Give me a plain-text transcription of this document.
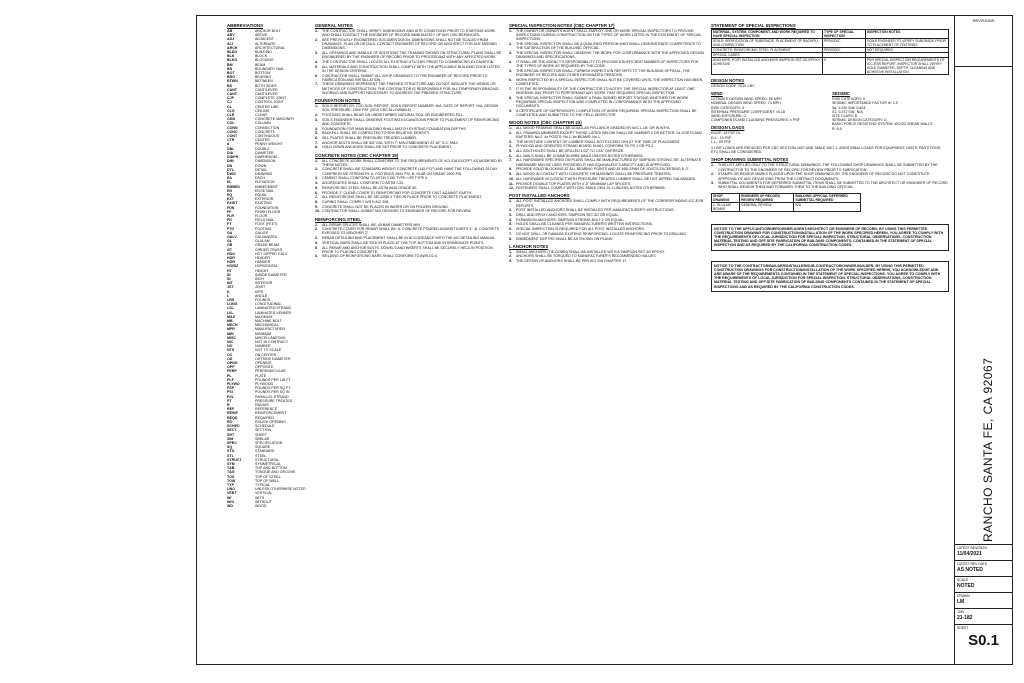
ABBREVIATIONS
AB	ANCHOR BOLT
ABV	ABOVE
ADJ	ADJACENT
ALT	ALTERNATE
ARCH	ARCHITECTURAL
BLDG	BUILDING
BLK	BLOCK
BLKG	BLOCKING
BM	BEAM
BN	BOUNDARY NAIL
BOT	BOTTOM
BRG	BEARING
BTWN	BETWEEN
BS	BOTH SIDES
CANT	CANTILEVER
CANT.	CANTILEVER
CJP	COMPLETE JOINT
CJ	CONTROL JOINT
CL	CENTER LINE
CLG	CEILING
CLR	CLEAR
CMU	CONCRETE MASONRY
COL	COLUMN
CONN	CONNECTION
CONC	CONCRETE
CONT	CONTINUOUS
CTR	CENTER
d	PENNY WEIGHT
DBL	DOUBLE
DIA	DIAMETER
DIAPH	DIAPHRAGM
DIM	DIMENSION
DN	DOWN
DTL	DETAIL
DWG	DRAWING
EA	EACH
EL	ELEVATION
EMBED	EMBEDMENT
EN	EDGE NAIL
EQ	EQUAL
EXT	EXTERIOR
EXIST	EXISTING
FDN	FOUNDATION
FF	FINISH FLOOR
FLR	FLOOR
FN	FIELD NAIL
FT	FOOT (FEET)
FTG	FOOTING
GA	GAUGE
GALV	GALVANIZED
GL	GLULAM
GB	GRADE BEAM
GT	GIRDER TRUSS
HDG	HOT DIPPED GALV
HDR	HEADER
HGR	HANGER
HORIZ	HORIZONTAL
HT	HEIGHT
ID	INSIDE DIAMETER
IN	INCH
INT	INTERIOR
JST	JOIST
K	KIPS
L	ANGLE
LBS	POUNDS
LONG	LONGITUDINAL
LSL	LAMINATED STRAND
LVL	LAMINATED VENEER
MAX	MAXIMUM
MB	MACHINE BOLT
MECH	MECHANICAL
MFR	MANUFACTURER
MIN	MINIMUM
MISC	MISCELLANEOUS
NIC	NOT IN CONTRACT
NO	NUMBER
NTS	NOT TO SCALE
OC	ON CENTER
OD	OUTSIDE DIAMETER
OPNG	OPENING
OPP	OPPOSITE
PERP	PERPENDICULAR
PL	PLATE
PLF	POUNDS PER LIN FT
PLYWD	PLYWOOD
PSF	POUNDS PER SQ FT
PSI	POUNDS PER SQ IN
PSL	PARALLEL STRAND
PT	PRESSURE TREATED
R	RADIUS
REF	REFERENCE
REINF	REINFORCEMENT
REQD	REQUIRED
RO	ROUGH OPENING
SCHED	SCHEDULE
SECT	SECTION
SHT	SHEET
SIM	SIMILAR
SPEC	SPECIFICATION
SQ	SQUARE
STD	STANDARD
STL	STEEL
STRUCT	STRUCTURAL
SYM	SYMMETRICAL
T&B	TOP AND BOTTOM
T&G	TONGUE AND GROOVE
TOS	TOP OF STEEL
TOW	TOP OF WALL
TYP	TYPICAL
UNO	UNLESS OTHERWISE NOTED
VERT	VERTICAL
W/	WITH
W/O	WITHOUT
WD	WOOD
GENERAL NOTES
1.	THE CONTRACTOR SHALL VERIFY DIMENSIONS AND SITE CONDITIONS PRIOR TO STARTING WORK AND SHALL CONTACT THE ENGINEER OF RECORD IMMEDIATELY OF ANY DISCREPANCIES.
2.	SEE PREVIOUSLY ENGINEERED DOCUMENTATION. DIMENSIONS SHALL NOT BE SCALED FROM DRAWINGS. PLAN OR DETAILS. CONTACT ENGINEER OF RECORD OR ARCHITECT FOR ANY MISSING DIMENSIONS.
3.	ALL OPENINGS AND HANDLE OF ADDITIONS THE FRAMING SHOWN ON STRUCTURAL PLANS SHALL BE ENGINEERED BY THE ENGINEER OF RECORD PRIOR TO PROCEEDING WITH ANY AFFECTED WORK.
4.	THE CONTRACTOR SHALL LOCATE ALL EXISTING UTILITIES PRIOR TO COMMENCING EXCAVATION.
5.	ALL MATERIALS AND CONSTRUCTION SHALL COMPLY WITH THE APPLICABLE BUILDING CODE LISTED IN THE DESIGN CRITERIA.
6.	CONTRACTOR SHALL SUBMIT ALL SHOP DRAWINGS TO THE ENGINEER OF RECORD PRIOR TO FABRICATION AND INSTALLATION.
7.	THESE DRAWINGS REPRESENT THE FINISHED STRUCTURE AND DO NOT INDICATE THE MEANS OR METHODS OF CONSTRUCTION. THE CONTRACTOR IS RESPONSIBLE FOR ALL TEMPORARY BRACING, SHORING AND SUPPORT NECESSARY TO ADDRESS THE FINISHED STRUCTURE.
FOUNDATION NOTES
1.	SOILS REPORT BY: CGC SOIL REPORT. SOILS REPORT NUMBER: N/A. DATE OF REPORT: N/A. DESIGN SOIL PRESSURE: 1500 PSF (2019 CBC ALLOWABLE).
2.	FOOTINGS SHALL BEAR ON UNDISTURBED NATURAL SOIL OR ENGINEERED FILL.
3.	SOILS ENGINEER SHALL OBSERVE FOOTING EXCAVATIONS PRIOR TO PLACEMENT OF REINFORCING AND CONCRETE.
4.	FOUNDATION FOR MAIN BUILDING SHALL MATCH EXISTING FOUNDATION DEPTHS.
5.	BACKFILL SHALL BE COMPACTED TO 90% RELATIVE DENSITY.
6.	SILL PLATES SHALL BE PRESSURE TREATED LUMBER.
7.	ANCHOR BOLTS SHALL BE 5/8" DIA. WITH 7" MIN EMBEDMENT AT 48" O.C. MAX.
8.	HOLD DOWN ANCHORS SHALL BE SET PRIOR TO CONCRETE PLACEMENT.
CONCRETE NOTES (CBC CHAPTER 19)
1.	ALL CONCRETE WORK SHALL CONFORM TO THE REQUIREMENTS OF ACI 318 EXCEPT AS MODIFIED BY THESE NOTES.
2.	CONCRETE SHALL BE STANDARD WEIGHT CONCRETE (145 PCF) AND HAVE THE FOLLOWING 28 DAY COMPRESSIVE STRENGTH: A. FOOTINGS 2500 PSI. B. SLAB ON GRADE 2500 PSI.
3.	CEMENT SHALL CONFORM TO ASTM C150 TYPE I OR TYPE II.
4.	AGGREGATES SHALL CONFORM TO ASTM C33.
5.	REINFORCING STEEL SHALL BE ASTM A615 GRADE 60.
6.	PROVIDE 3" CLEAR COVER TO REINFORCING FOR CONCRETE CAST AGAINST EARTH.
7.	ALL REINFORCING SHALL BE SECURELY TIED IN PLACE PRIOR TO CONCRETE PLACEMENT.
8.	CURING SHALL COMPLY WITH ACI 308.
9.	CONCRETE SHALL NOT BE PLACED IN WATER OR ON FROZEN GROUND.
10. CONTRACTOR SHALL SUBMIT MIX DESIGNS TO ENGINEER OF RECORD FOR REVIEW.
REINFORCING STEEL
1.	ALL REBAR SPLICES SHALL BE: 40 BAR DIAMETERS MIN.
2.	CONCRETE COVER FOR REBAR SHALL BE: A. CONCRETE POURED AGAINST EARTH 3". B. CONCRETE EXPOSED TO WEATHER 2".
3.	REBAR DETAILING AND PLACEMENT SHALL BE IN ACCORDANCE WITH THE ACI DETAILING MANUAL.
4.	VERTICAL BARS SHALL BE TIED IN PLACE AT THE TOP, BOTTOM AND INTERMEDIATE POINTS.
5.	ALL REBAR AND ANCHOR BOLTS, DOWELS AND INSERTS SHALL BE SECURELY HELD IN POSITION PRIOR TO PLACING CONCRETE.
6.	WELDING OF REINFORCING BARS SHALL CONFORM TO AWS D1.4.
SPECIAL INSPECTION NOTES (CBC CHAPTER 17)
1.	THE OWNER OR OWNER'S AGENT SHALL EMPLOY ONE OR MORE SPECIAL INSPECTORS TO PROVIDE INSPECTIONS DURING CONSTRUCTION ON THE TYPES OF WORK LISTED IN THE STATEMENT OF SPECIAL INSPECTIONS.
2.	THE SPECIAL INSPECTOR SHALL BE A QUALIFIED PERSON WHO SHALL DEMONSTRATE COMPETENCE TO THE SATISFACTION OF THE BUILDING OFFICIAL.
3.	THE SPECIAL INSPECTOR SHALL OBSERVE THE WORK FOR CONFORMANCE WITH THE APPROVED DESIGN DRAWINGS AND SPECIFICATIONS.
4.	IT SHALL BE THE AGENCY'S RESPONSIBILITY TO PROVIDE A SUFFICIENT NUMBER OF INSPECTORS FOR THE TYPES OF WORK AS REQUIRED BY THE CODE.
5.	THE SPECIAL INSPECTOR SHALL FURNISH INSPECTION REPORTS TO THE BUILDING OFFICIAL, THE ENGINEER OF RECORD AND OTHER DESIGNATED PERSONS.
6.	WORK INSPECTED BY A SPECIAL INSPECTOR SHALL NOT BE COVERED UNTIL THE INSPECTION HAS BEEN COMPLETED.
7.	IT IS THE RESPONSIBILITY OF THE CONTRACTOR TO NOTIFY THE SPECIAL INSPECTOR AT LEAST ONE WORKING DAY PRIOR TO PERFORMING ANY WORK THAT REQUIRES SPECIAL INSPECTION.
8.	THE SPECIAL INSPECTOR SHALL SUBMIT A FINAL SIGNED REPORT STATING WHETHER THE WORK REQUIRING SPECIAL INSPECTION WAS COMPLETED IN CONFORMANCE WITH THE APPROVED DOCUMENTS.
9.	A CERTIFICATE OF SUPERVISORY COMPLETION OF WORK REQUIRING SPECIAL INSPECTION SHALL BE COMPLETED AND SUBMITTED TO THE FIELD INSPECTOR.
WOOD NOTES (CBC CHAPTER 23)
1.	ALL WOOD FRAMING SHALL BE DOUGLAS FIR-LARCH GRADED BY W.C.L.I.B. OR W.W.P.A.
2.	ALL FRAMING MEMBERS EXCEPT THOSE LISTED BELOW SHALL BE NUMBER 2 OR BETTER. 2x JOISTS AND RAFTERS: No.2. 4x POSTS: No.1. 6x BEAMS: No.1.
3.	THE MOISTURE CONTENT OF LUMBER SHALL NOT EXCEED 19% AT THE TIME OF PLACEMENT.
4.	PLYWOOD AND ORIENTED STRAND BOARD SHALL CONFORM TO PS 1 OR PS 2.
5.	ALL BOLT HOLES SHALL BE DRILLED 1/32" TO 1/16" OVERSIZE.
6.	ALL NAILS SHALL BE COMMON WIRE NAILS UNLESS NOTED OTHERWISE.
7.	ALL HARDWARE SPECIFIED ON PLANS SHALL BE MANUFACTURED BY SIMPSON STRONG-TIE. ALTERNATE HARDWARE MAY BE USED PROVIDED IT HAS EQUIVALENT CAPACITY AND IS APPROVED.
8.	PROVIDE SOLID BLOCKING AT ALL BEARING POINTS AND AT MID-SPAN OF JOISTS EXCEEDING 8'-0".
9.	ALL WOOD IN CONTACT WITH CONCRETE OR MASONRY SHALL BE PRESSURE TREATED.
10. ALL HARDWARE IN CONTACT WITH PRESSURE TREATED LUMBER SHALL BE HOT DIPPED GALVANIZED.
11. PROVIDE DOUBLE TOP PLATES WITH 4'-0" MINIMUM LAP SPLICES.
12. FASTENERS SHALL COMPLY WITH CBC TABLE 2304.10.1 UNLESS NOTED OTHERWISE.
POST INSTALLED ANCHORS
1.	ALL POST INSTALLED ANCHORS SHALL COMPLY WITH REQUIREMENTS OF THE CORRESPONDING ICC-ESR REPORTS.
2.	POST INSTALLED ANCHORS SHALL BE INSTALLED PER MANUFACTURER'S INSTRUCTIONS.
3.	DRILL AND EPOXY ANCHORS: SIMPSON SET-3G OR EQUAL.
4.	EXPANSION ANCHORS: SIMPSON STRONG-BOLT 2 OR EQUAL.
5.	HOLES SHALL BE CLEANED PER MANUFACTURER'S WRITTEN INSTRUCTIONS.
6.	SPECIAL INSPECTION IS REQUIRED FOR ALL POST INSTALLED ANCHORS.
7.	DO NOT DRILL OR DAMAGE EXISTING REINFORCING. LOCATE REINFORCING PRIOR TO DRILLING.
8.	EMBEDMENT DEPTHS SHALL BE AS SHOWN ON PLANS.
L ANCHOR NOTES
1.	SMALL ANCHORS (TIE-DOWN) SHALL BE INSTALLED WITH A SIMPSON SET-3G EPOXY.
2.	ANCHORS SHALL BE TORQUED TO MANUFACTURER'S RECOMMENDED VALUES.
3.	THE DESIGN OF ANCHORS SHALL BE PER ACI 318 CHAPTER 17.
STATEMENT OF SPECIAL INSPECTIONS
MATERIAL, SYSTEM, COMPONENT, AND WORK REQUIRED TO HAVE SPECIAL INSPECTION	TYPE OF SPECIAL INSPECTION	INSPECTION NOTES
SOILS: VERIFICATION OF SUBGRADE, PLACEMENT OF BACKFILL AND COMPACTION	PERIODIC	SOILS ENGINEER TO VERIFY SUBGRADE PRIOR TO PLACEMENT OF FOOTINGS
CONCRETE: REINFORCING STEEL PLACEMENT	PERIODIC	NOT REQUIRED
SPECIAL CASES		
ANCHORS: POST INSTALLED ANCHORS SIMPSON SET-3G EPOXY ADHESIVE	X	PER SPECIAL INSPECTION REQUIREMENTS OF ICC-ESR REPORT. INSPECTOR SHALL VERIFY HOLE DIAMETER, DEPTH, CLEANING AND ADHESIVE INSTALLATION.
DESIGN NOTES
DESIGN CODE: 2019 CBC
WIND
ULTIMATE DESIGN WIND SPEED: 96 MPH
NOMINAL DESIGN WIND SPEED: 74 MPH
RISK CATEGORY: II
INTERNAL PRESSURE COEFFICIENT: ±0.18
WIND EXPOSURE: C
COMPONENTS AND CLADDING PRESSURES: ± PSF
DESIGN LOADS
ROOF: 16 PSF DL
D.L.: 15 PSF
L.L.: 20 PSF
SEISMIC
RISK CATEGORY: II
SEISMIC IMPORTANCE FACTOR Ie: 1.0
Ss: 1.030 Sds: 0.824
S1: 0.372 Sd1: N/A
SITE CLASS: D
SEISMIC DESIGN CATEGORY: D
BASIC FORCE RESISTING SYSTEM: WOOD SHEAR WALLS
R: 6.5
1 LIVE LOADS ARE REDUCED PER CBC SECTION 1607 AND TABLE 1607.1. ADDITIONAL LOADS FOR EQUIPMENT, UNITS, PARTITIONS, ETC SHALL BE CONSIDERED.
SHOP DRAWING SUBMITTAL NOTES
1.	THIS LIST APPLIES ONLY TO THE STRUCTURAL DRAWINGS. THE FOLLOWING SHOP DRAWINGS SHALL BE SUBMITTED BY THE CONTRACTOR TO THE ENGINEER OF RECORD FOR REVIEW PRIOR TO FABRICATION.
2.	STAMPS OR REVIEW MARKS PLACED UPON THE SHOP DRAWINGS BY THE ENGINEER OF RECORD DO NOT CONSTITUTE APPROVAL OF ANY DEVIATIONS FROM THE CONTRACT DOCUMENTS.
3.	SUBMITTAL DOCUMENTS FOR DEFERRED SUBMITTAL ITEMS SHALL BE SUBMITTED TO THE ARCHITECT OR ENGINEER OF RECORD WHO SHALL REVIEW THEM AND FORWARD THEM TO THE BUILDING OFFICIAL.
SHOP DRAWING	ENGINEER OF RECORD REVIEW REQUIRED	BUILDING OFFICIAL DEFERRED SUBMITTAL REQUIRED
1. GLULAM BEAMS	GENERAL REVIEW	N/A
NOTICE TO THE APPLICANT/OWNER/OWNER-AGENT/ARCHITECT OR ENGINEER OF RECORD: BY USING THIS PERMITTED CONSTRUCTION DRAWING FOR CONSTRUCTION/INSTALLATION OF THE WORK SPECIFIED HEREIN, YOU AGREE TO COMPLY WITH THE REQUIREMENTS OF LOCAL JURISDICTION FOR SPECIAL INSPECTION, STRUCTURAL OBSERVATIONS, CONSTRUCTION MATERIAL TESTING AND OFF-SITE FABRICATION OF BUILDING COMPONENTS, CONTAINED IN THE STATEMENT OF SPECIAL INSPECTION AND AS REQUIRED BY THE CALIFORNIA CONSTRUCTION CODES.
NOTICE TO THE CONTRACTOR/BUILDER/INSTALLER/SUB-CONTRACTOR/OWNER-BUILDER: BY USING THIS PERMITTED CONSTRUCTION DRAWINGS FOR CONSTRUCTION/INSTALLATION OF THE WORK SPECIFIED HEREIN, YOU ACKNOWLEDGE AND ARE AWARE OF THE REQUIREMENTS CONTAINED IN THE STATEMENT OF SPECIAL INSPECTIONS. YOU AGREE TO COMPLY WITH THE REQUIREMENTS OF LOCAL JURISDICTION FOR SPECIAL INSPECTION, STRUCTURAL OBSERVATIONS, CONSTRUCTION MATERIAL TESTING AND OFF-SITE FABRICATION OF BUILDING COMPONENTS CONTAINED IN THE STATEMENT OF SPECIAL INSPECTIONS AND AS REQUIRED BY THE CALIFORNIA CONSTRUCTION CODES.
REVISIONS
RANCHO SANTA FE, CA 92067
LATEST REVISION
11/04/2021
LATEST REV DATE
AS NOTED
SCALE
NOTED
DRAWN
LM
JOB
21-182
SHEET
S0.1
